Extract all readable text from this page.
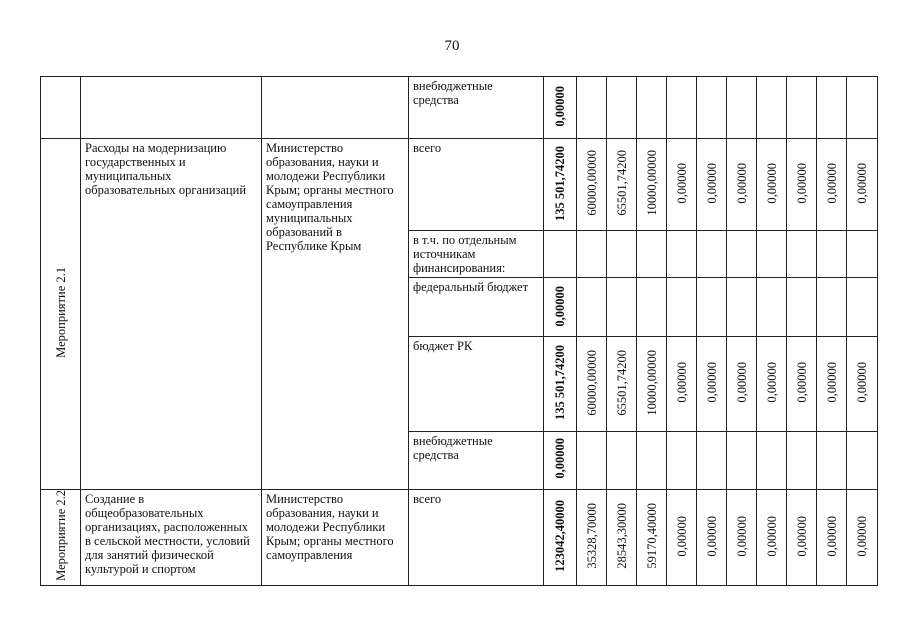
70
			внебюджетные средства	0,00000										
Мероприятие 2.1	Расходы на модернизацию государственных и муниципальных образовательных организаций	Министерство образования, науки и молодежи Республики Крым; органы местного самоуправления муниципальных образований в Республике Крым	всего	135 501,74200	60000,00000	65501,74200	10000,00000	0,00000	0,00000	0,00000	0,00000	0,00000	0,00000	0,00000
			в т.ч. по отдельным источникам финансирования:											
			федеральный бюджет	0,00000										
			бюджет РК	135 501,74200	60000,00000	65501,74200	10000,00000	0,00000	0,00000	0,00000	0,00000	0,00000	0,00000	0,00000
			внебюджетные средства	0,00000										
Мероприятие 2.2	Создание в общеобразовательных организациях, расположенных в сельской местности, условий для занятий физической культурой и спортом	Министерство образования, науки и молодежи Республики Крым; органы местного самоуправления	всего	123042,40000	35328,70000	28543,30000	59170,40000	0,00000	0,00000	0,00000	0,00000	0,00000	0,00000	0,00000
